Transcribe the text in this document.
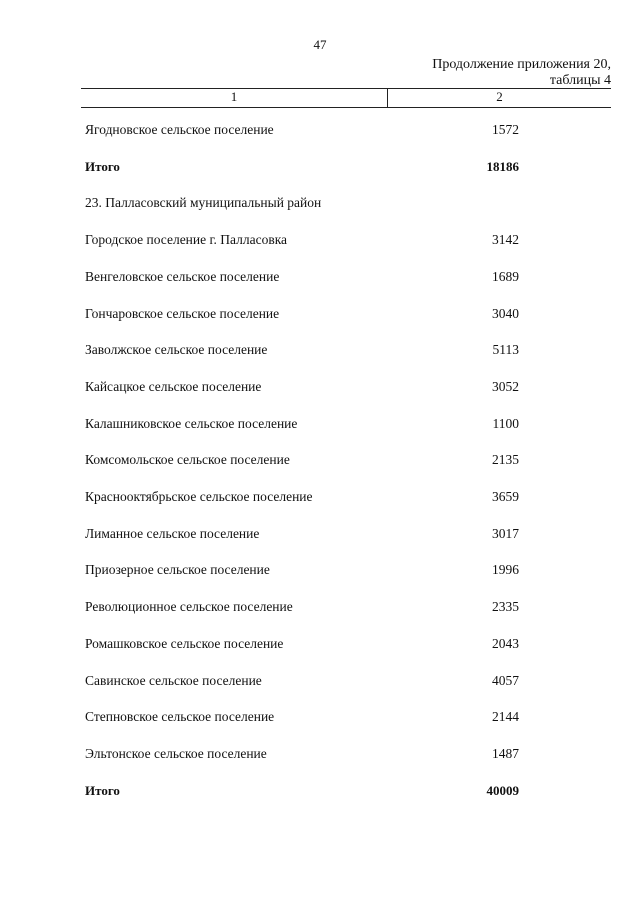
47
Продолжение приложения 20,
таблицы 4
1	2
Ягодновское сельское поселение	1572
Итого	18186
23. Палласовский муниципальный район
Городское поселение г. Палласовка	3142
Венгеловское сельское поселение	1689
Гончаровское сельское поселение	3040
Заволжское сельское поселение	5113
Кайсацкое сельское поселение	3052
Калашниковское сельское поселение	1100
Комсомольское сельское поселение	2135
Краснооктябрьское сельское поселение	3659
Лиманное сельское поселение	3017
Приозерное сельское поселение	1996
Революционное сельское поселение	2335
Ромашковское сельское поселение	2043
Савинское сельское поселение	4057
Степновское сельское поселение	2144
Эльтонское сельское поселение	1487
Итого	40009
